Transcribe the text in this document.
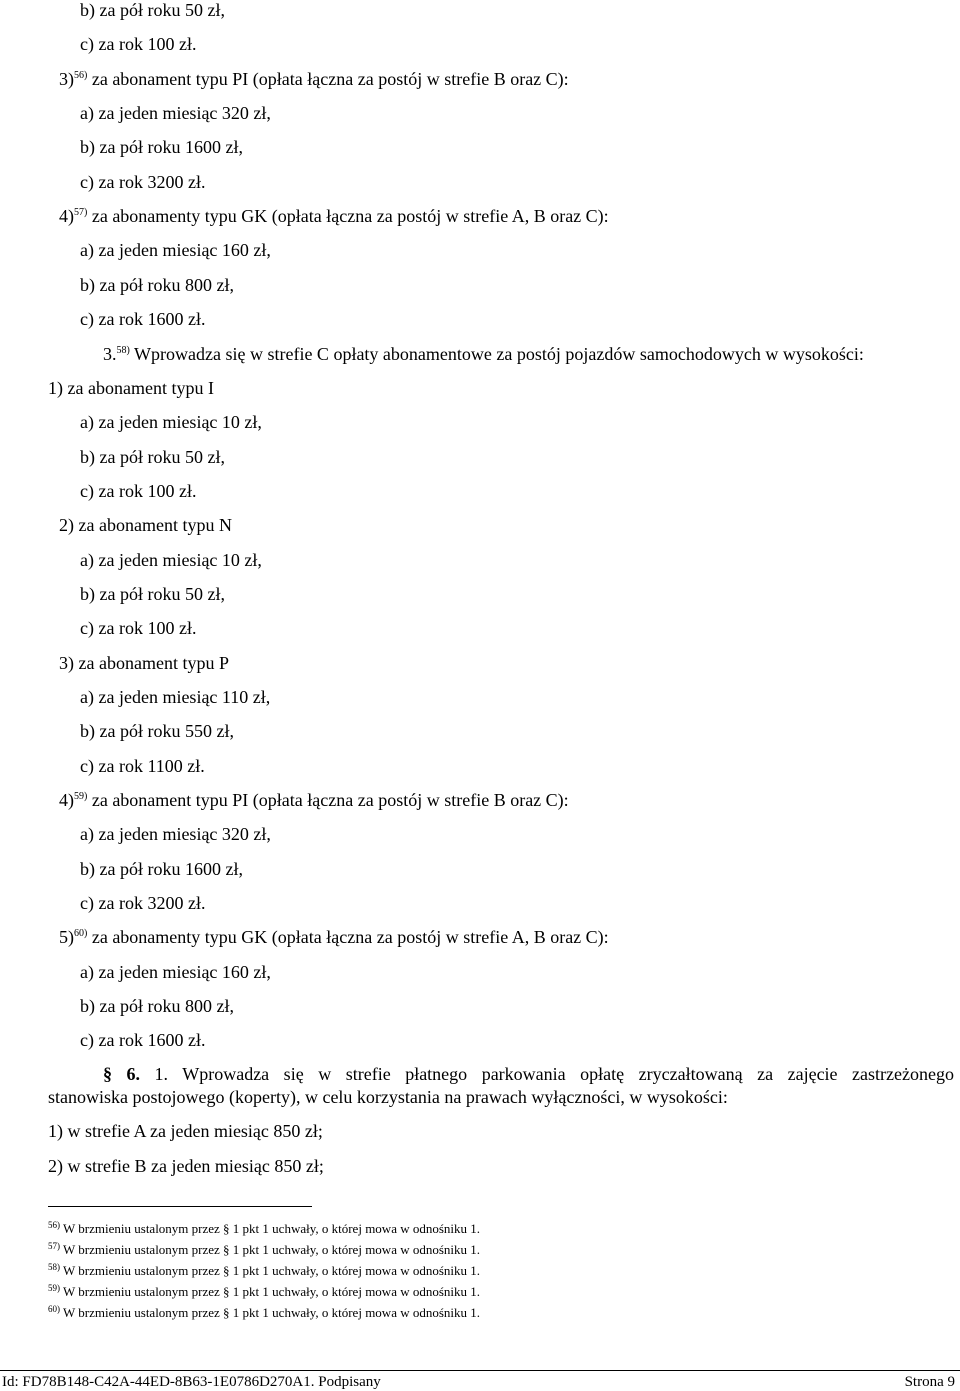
b) za pół roku 50 zł,
c) za rok 100 zł.
3)$^{56)}$ za abonament typu PI (opłata łączna za postój w strefie B oraz C):
a) za jeden miesiąc 320 zł,
b) za pół roku 1600 zł,
c) za rok 3200 zł.
4)$^{57)}$ za abonamenty typu GK (opłata łączna za postój w strefie A, B oraz C):
a) za jeden miesiąc 160 zł,
b) za pół roku 800 zł,
c) za rok 1600 zł.
3.$^{58)}$ Wprowadza się w strefie C opłaty abonamentowe za postój pojazdów samochodowych w wysokości:
1) za abonament typu I
a) za jeden miesiąc 10 zł,
b) za pół roku 50 zł,
c) za rok 100 zł.
2) za abonament typu N
a) za jeden miesiąc 10 zł,
b) za pół roku 50 zł,
c) za rok 100 zł.
3) za abonament typu P
a) za jeden miesiąc 110 zł,
b) za pół roku 550 zł,
c) za rok 1100 zł.
4)$^{59)}$ za abonament typu PI (opłata łączna za postój w strefie B oraz C):
a) za jeden miesiąc 320 zł,
b) za pół roku 1600 zł,
c) za rok 3200 zł.
5)$^{60)}$ za abonamenty typu GK (opłata łączna za postój w strefie A, B oraz C):
a) za jeden miesiąc 160 zł,
b) za pół roku 800 zł,
c) za rok 1600 zł.
§ 6. 1. Wprowadza się w strefie płatnego parkowania opłatę zryczałtowaną za zajęcie zastrzeżonego
stanowiska postojowego (koperty), w celu korzystania na prawach wyłączności, w wysokości:
1) w strefie A za jeden miesiąc 850 zł;
2) w strefie B za jeden miesiąc 850 zł;
$^{56)}$ W brzmieniu ustalonym przez § 1 pkt 1 uchwały, o której mowa w odnośniku 1.
$^{57)}$ W brzmieniu ustalonym przez § 1 pkt 1 uchwały, o której mowa w odnośniku 1.
$^{58)}$ W brzmieniu ustalonym przez § 1 pkt 1 uchwały, o której mowa w odnośniku 1.
$^{59)}$ W brzmieniu ustalonym przez § 1 pkt 1 uchwały, o której mowa w odnośniku 1.
$^{60)}$ W brzmieniu ustalonym przez § 1 pkt 1 uchwały, o której mowa w odnośniku 1.
Id: FD78B148-C42A-44ED-8B63-1E0786D270A1. Podpisany	Strona 9
